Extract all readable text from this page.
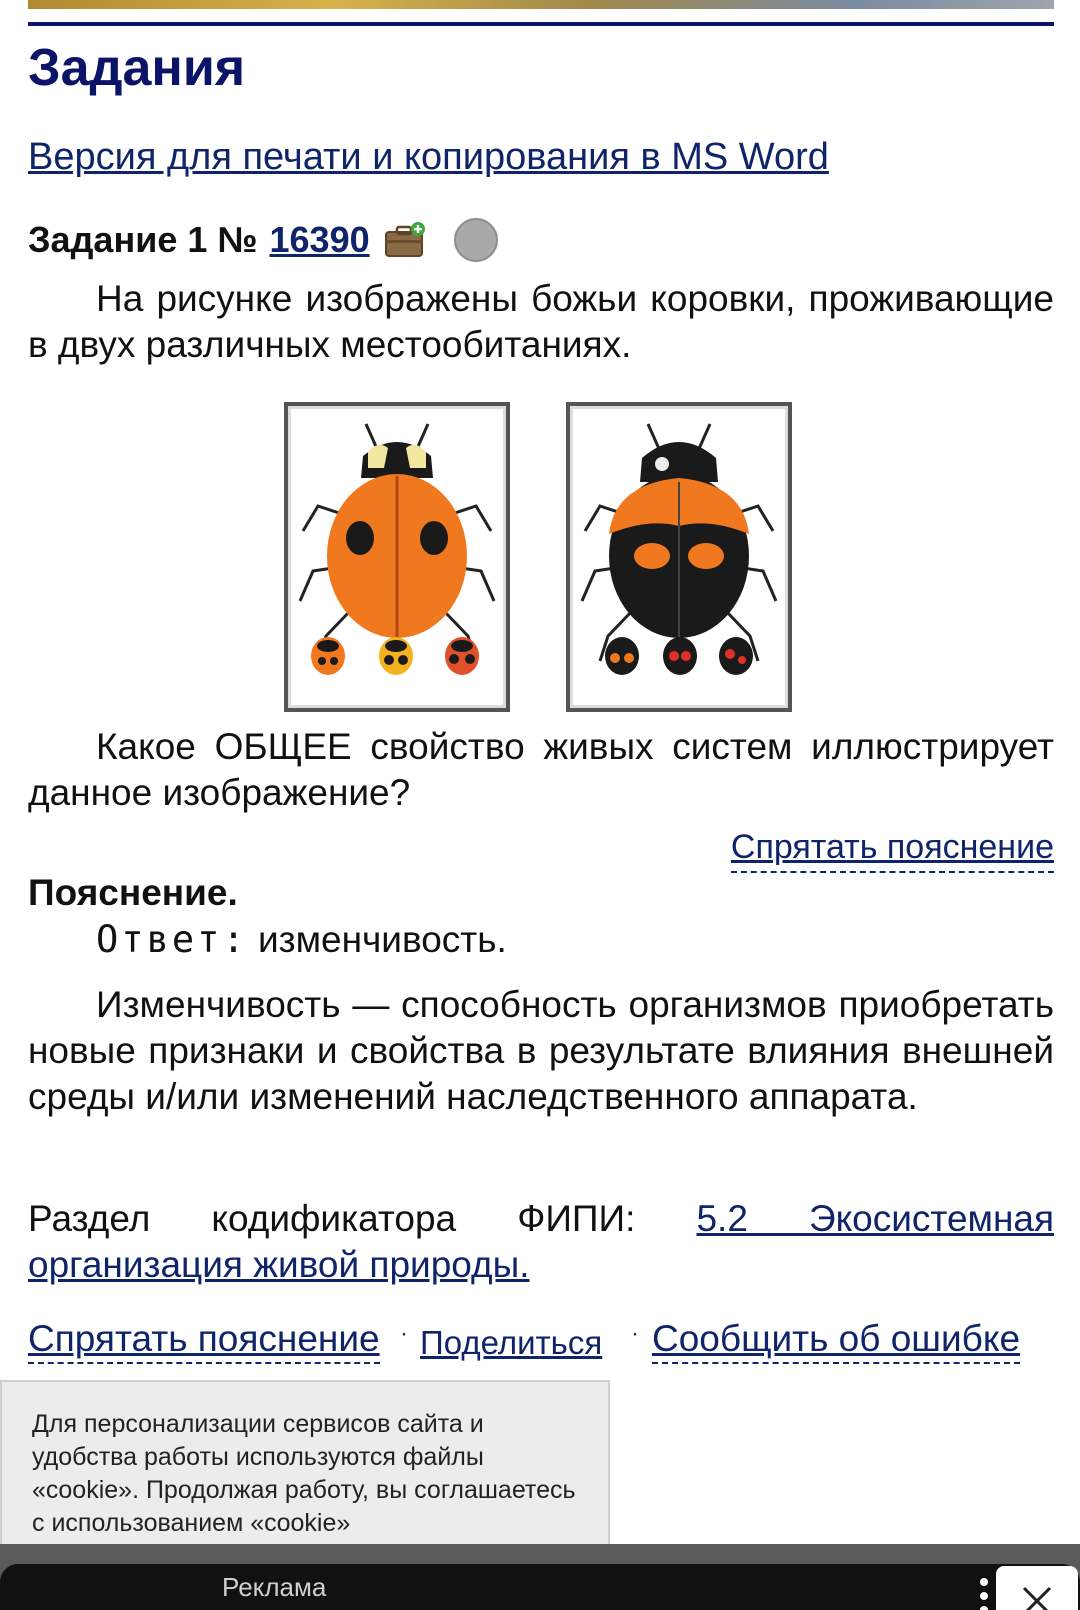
Задания
Версия для печати и копирования в MS Word
Задание 1 № 16390

На рисунке изображены божьи коровки, проживающие в двух различных местообитаниях.

Какое ОБЩЕЕ свойство живых систем иллюстрирует данное изображение?

Спрятать пояснение
Пояснение.
Ответ: изменчивость.

Изменчивость — способность организмов приобретать новые признаки и свойства в результате влияния внешней среды и/или изменений наследственного аппарата.

Раздел кодификатора ФИПИ: 5.2 Экосистемная организация живой природы.

Спрятать пояснение · Поделиться · Сообщить об ошибке
Для персонализации сервисов сайта и удобства работы используются файлы «cookie». Продолжая работу, вы соглашаетесь с использованием «cookie»
Реклама
